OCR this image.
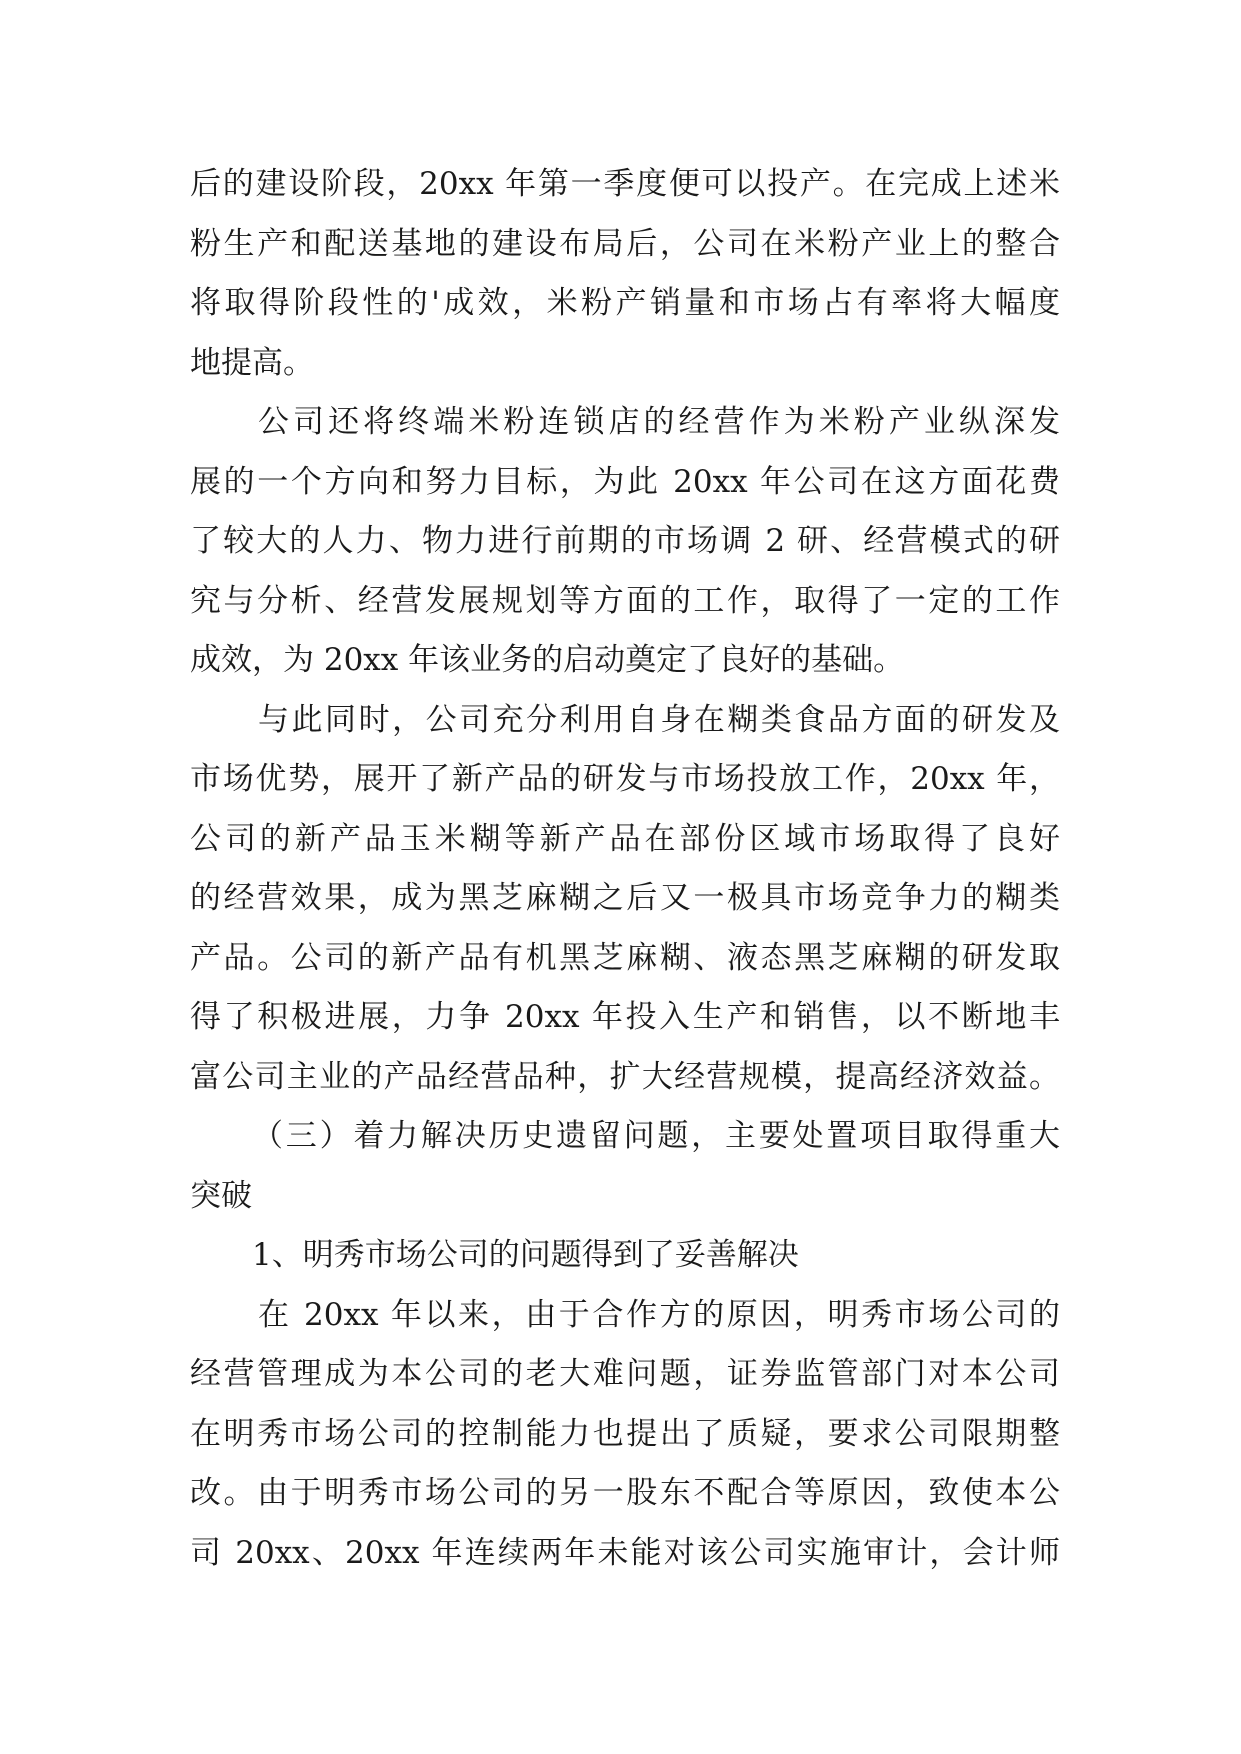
后的建设阶段，20xx 年第一季度便可以投产。在完成上述米
粉生产和配送基地的建设布局后，公司在米粉产业上的整合
将取得阶段性的'成效，米粉产销量和市场占有率将大幅度
地提高。
公司还将终端米粉连锁店的经营作为米粉产业纵深发
展的一个方向和努力目标，为此 20xx 年公司在这方面花费
了较大的人力、物力进行前期的市场调 2 研、经营模式的研
究与分析、经营发展规划等方面的工作，取得了一定的工作
成效，为 20xx 年该业务的启动奠定了良好的基础。
与此同时，公司充分利用自身在糊类食品方面的研发及
市场优势，展开了新产品的研发与市场投放工作，20xx 年，
公司的新产品玉米糊等新产品在部份区域市场取得了良好
的经营效果，成为黑芝麻糊之后又一极具市场竞争力的糊类
产品。公司的新产品有机黑芝麻糊、液态黑芝麻糊的研发取
得了积极进展，力争 20xx 年投入生产和销售，以不断地丰
富公司主业的产品经营品种，扩大经营规模，提高经济效益。
（三）着力解决历史遗留问题，主要处置项目取得重大
突破
1、明秀市场公司的问题得到了妥善解决
在 20xx 年以来，由于合作方的原因，明秀市场公司的
经营管理成为本公司的老大难问题，证券监管部门对本公司
在明秀市场公司的控制能力也提出了质疑，要求公司限期整
改。由于明秀市场公司的另一股东不配合等原因，致使本公
司 20xx、20xx 年连续两年未能对该公司实施审计，会计师
